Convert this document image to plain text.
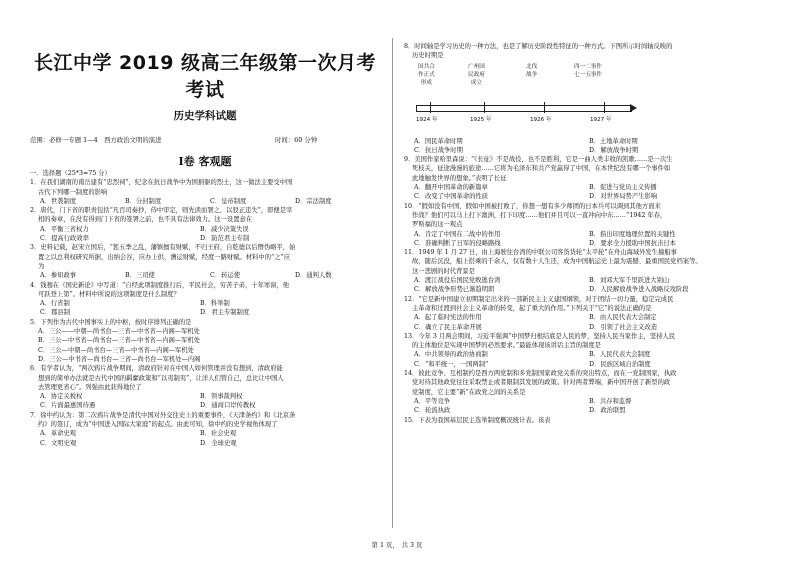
长江中学 2019 级高三年级第一次月考考试
历史学科试题
范围：必修一专题 1—4　西方政治文明的演进	时间：60 分钟
Ⅰ卷 客观题
一．选择题（25*3=75 分）
1．在我们湖南的南岳建有“忠烈祠”，纪念在抗日战争中为国捐躯的烈士，这一做法主要受中国
古代下列哪一制度的影响
A．世袭制度	B．分封制度	C．皇帝制度	D．宗法制度
2．唐代，门下省的职责包括“凡百司奏抄，侍中审定，则先读而署之，以驳正违失”，即便是宰
相的奏章，在没有得到门下省的签署之前，也不具有法律效力。这一设置意在
A．平衡三省权力	B．减少决策失误
C．提高行政效率	D．防范君主专制
3．史料记载，赵宋立国后，“惩五季之乱，藩镇擅有财赋，不归王府，自乾德以后僭伪略平，始
置之以总利权研究所据，出纳会谷，应办上供，漕运财赋，经度一路财赋。材料中的“之”应
为
A．参知政事	B．三司使	C．转运使	D．通判人数
4．钱穆在《国史新论》中写道：“自经此项制度推行后，平民社会，穷苦子弟，十年寒窗，他
可跃登上第”。材料中所说的这项制度是什么制度？
A．行省制	B．科举制
C．郡县制	D．君主专制制度
5．下列作为古代中国事实上的中枢，按时序排列正确的是
A．三公——中朝—尚书台—三省—中书省—内阁—军机处
B．三公—中书省—尚书台—三省—中书省—内阁—军机处
C．三公—中朝—尚书台—三省—中书省—内阁—军机处
D．三公—中书省—尚书台—三省—尚书台—军机处—内阁
6．有学者认为，“两次鸦片战争期间，清政府针对在中国人如何管理并没有想到，清政府能
想到的简单办法就是古代中国的羁縻政策和“以夷制夷”，让洋人们管自己，总比让中国人
去管理更省心”。列强由此获得地位了
A．协定关税权	B．领事裁判权
C．片面最惠国待遇	D．通商口岸传教权
7．徐中约认为：第二次鸦片战争是清代中国对外交往史上的重要事件，《天津条约》和《北京条
约》的签订，成为“中国进入国际大家庭”的起点。由此可知，徐中约的史学视角体现了
A．革命史观	B．社会史观
C．文明史观	D．全球史观
8．时间轴是学习历史的一种方法，也是了解历史阶段性特征的一种方式。下图所示时间轴反映的
历史时期是
国共合
作正式
形成
广州国
民政府
成立
北伐
战争
四一二事件
七一五事件
1924 年	1925 年	1926 年	1927 年
A．国民革命时期	B．土地革命时期
C．抗日战争时期	D．解放战争时期
9．美国作家哈里森说：“《长征》不是战役，也不是胜利，它是一曲人类丰收的凯歌……是一次生
死枝关，征途漫漫的旅途……它将为毛泽东和共产党赢得了中国，在本世纪没有哪一个事件如
此地触发世界的想象。”表明了长征
A．翻开中国革命的新篇章	B．促进与党员主义传播
C．改变了中国革命的性质	D．对世界局势产生影响
10．“假如没有中国，假如中国被打败了，你想一想有多少师团的日本兵可以调到其他方面来
作战？他们可以马上打下澳洲，打下印度……他们并且可以一直冲向中东……”1942 年春，
罗斯福的这一观点
A．肯定了中国在二战中的作用	B．指出印度地理位置的关键性
C．准确判断了日军的侵略路线	D．要求全力援助中国抗击日本
11．1949 年 1 月 27 日，由上海驶往台湾的中联公司客货货轮“太平轮”在舟山海域外发生撞船事
故，随后沉没，船上搭乘的千余人，仅有数十人生还，成为中国航运史上最为震撼、最重国民党档案等。
这一悲剧的时代背景是
A．渡江战役后国民党败逃台湾	B．刘邓大军千里跃进大别山
C．解放战争形势已渐趋明朗	D．人民解放战争进入战略反攻阶段
12．“它是新中国建立初期制定出来的一部新民主主义建国纲领，对于团结一切力量，稳定完成民
主革命和过渡到社会主义革命的转变，起了重大的作用。”下列关于“它”的说法正确的是
A．起了临时宪法的作用	B．由人民代表大会制定
C．确立了民主革命开展	D．引领了社会主义改造
13．今年 3 月两会期间，习近平强调“中国梦归根结底是人民的梦，坚持人民当家作主，坚持人民
的主体地位是实现中国梦的必然要求。”最能体现该讲话主旨的制度是
A．中共领导的政治协商制	B．人民代表大会制度
C．“和平统一，一国两制”	D．民族区域自治制度
14．彼此竞争、互相制约是西方两党制和多党制国家政党关系的突出特点，而在一党制国家，执政
党对待其他政党往往采取禁止或者限制其发展的政策。针对两者弊端，新中国开创了新型的政
党制度，它主要“新”在政党之间的关系是
A．平等竞争	B．共存和监督
C．轮流执政	D．政治联盟
15．下表为我国基层民主选举制度概况统计表。该表
第 1 页，　共 3 页
